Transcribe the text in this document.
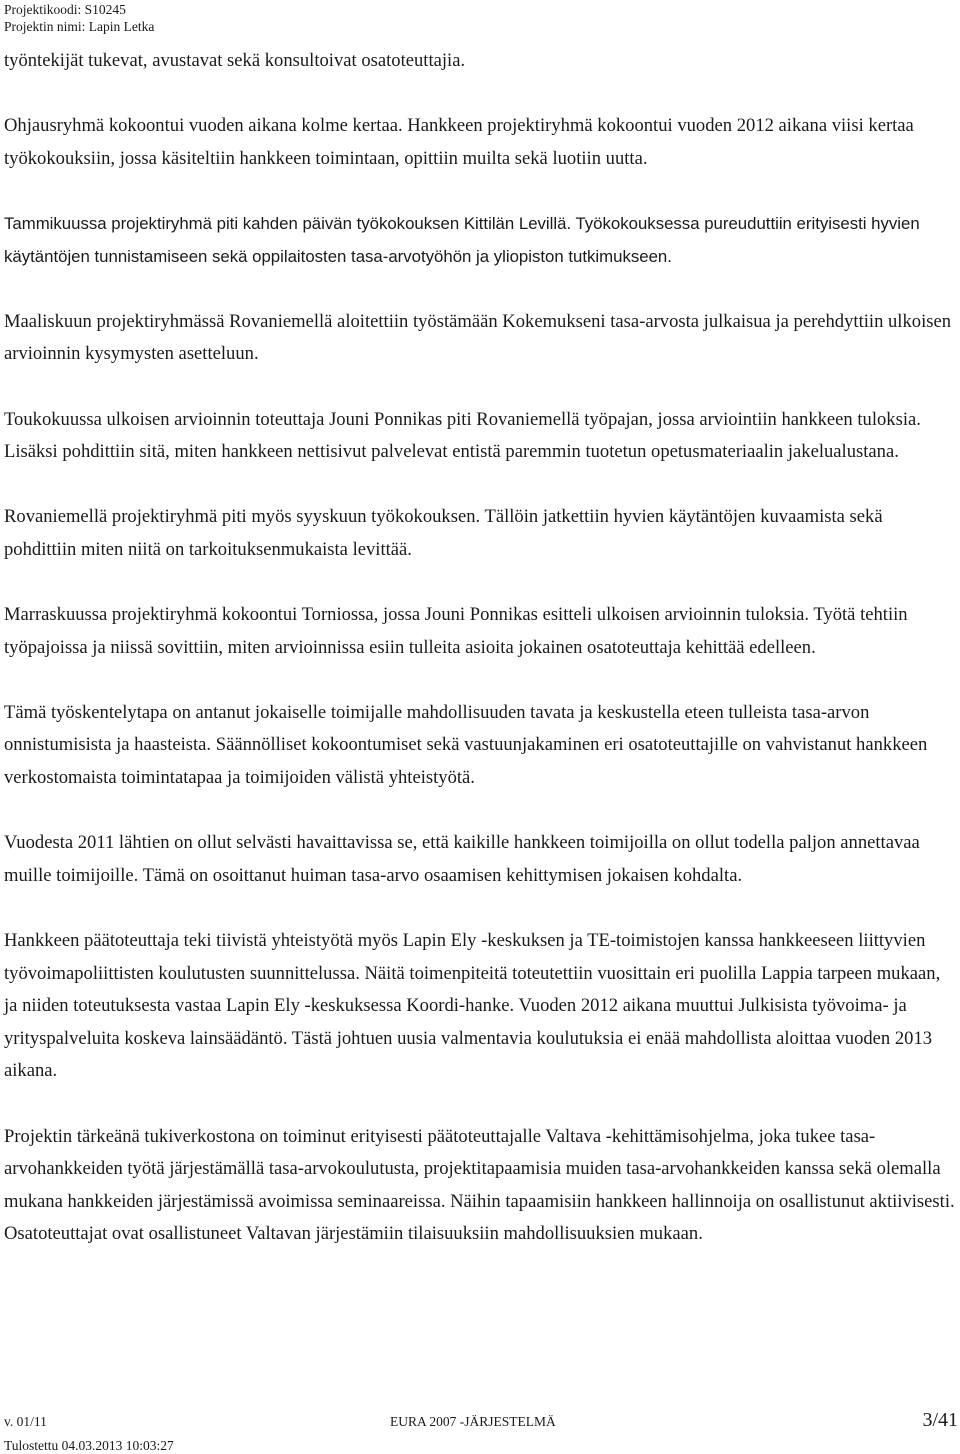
Projektikoodi: S10245
Projektin nimi: Lapin Letka

työntekijät tukevat, avustavat sekä konsultoivat osatoteuttajia.

Ohjausryhmä kokoontui vuoden aikana kolme kertaa. Hankkeen projektiryhmä kokoontui vuoden 2012 aikana viisi kertaa työkokouksiin, jossa käsiteltiin hankkeen toimintaan, opittiin muilta sekä luotiin uutta.

Tammikuussa projektiryhmä piti kahden päivän työkokouksen Kittilän Levillä. Työkokouksessa pureuduttiin erityisesti hyvien käytäntöjen tunnistamiseen sekä oppilaitosten tasa-arvotyöhön ja yliopiston tutkimukseen.

Maaliskuun projektiryhmässä Rovaniemellä aloitettiin työstämään Kokemukseni tasa-arvosta julkaisua ja perehdyttiin ulkoisen arvioinnin kysymysten asetteluun.

Toukokuussa ulkoisen arvioinnin toteuttaja Jouni Ponnikas piti Rovaniemellä työpajan, jossa arviointiin hankkeen tuloksia. Lisäksi pohdittiin sitä, miten hankkeen nettisivut palvelevat entistä paremmin tuotetun opetusmateriaalin jakelualustana.

Rovaniemellä projektiryhmä piti myös syyskuun työkokouksen. Tällöin jatkettiin hyvien käytäntöjen kuvaamista sekä pohdittiin miten niitä on tarkoituksenmukaista levittää.

Marraskuussa projektiryhmä kokoontui Torniossa, jossa Jouni Ponnikas esitteli ulkoisen arvioinnin tuloksia. Työtä tehtiin työpajoissa ja niissä sovittiin, miten arvioinnissa esiin tulleita asioita jokainen osatoteuttaja kehittää edelleen.

Tämä työskentelytapa on antanut jokaiselle toimijalle mahdollisuuden tavata ja keskustella eteen tulleista tasa-arvon onnistumisista ja haasteista. Säännölliset kokoontumiset sekä vastuunjakaminen eri osatoteuttajille on vahvistanut hankkeen verkostomaista toimintatapaa ja toimijoiden välistä yhteistyötä.

Vuodesta 2011 lähtien on ollut selvästi havaittavissa se, että kaikille hankkeen toimijoilla on ollut todella paljon annettavaa muille toimijoille. Tämä on osoittanut huiman tasa-arvo osaamisen kehittymisen jokaisen kohdalta.

Hankkeen päätoteuttaja teki tiivistä yhteistyötä myös Lapin Ely -keskuksen ja TE-toimistojen kanssa hankkeeseen liittyvien työvoimapoliittisten koulutusten suunnittelussa. Näitä toimenpiteitä toteutettiin vuosittain eri puolilla Lappia tarpeen mukaan, ja niiden toteutuksesta vastaa Lapin Ely -keskuksessa Koordi-hanke. Vuoden 2012 aikana muuttui Julkisista työvoima- ja yrityspalveluita koskeva lainsäädäntö. Tästä johtuen uusia valmentavia koulutuksia ei enää mahdollista aloittaa vuoden 2013 aikana.

Projektin tärkeänä tukiverkostona on toiminut erityisesti päätoteuttajalle Valtava -kehittämisohjelma, joka tukee tasa-arvohankkeiden työtä järjestämällä tasa-arvokoulutusta, projektitapaamisia muiden tasa-arvohankkeiden kanssa sekä olemalla mukana hankkeiden järjestämissä avoimissa seminaareissa. Näihin tapaamisiin hankkeen hallinnoija on osallistunut aktiivisesti. Osatoteuttajat ovat osallistuneet Valtavan järjestämiin tilaisuuksiin mahdollisuuksien mukaan.

v. 01/11	EURA 2007 -JÄRJESTELMÄ	3/41
Tulostettu 04.03.2013 10:03:27
